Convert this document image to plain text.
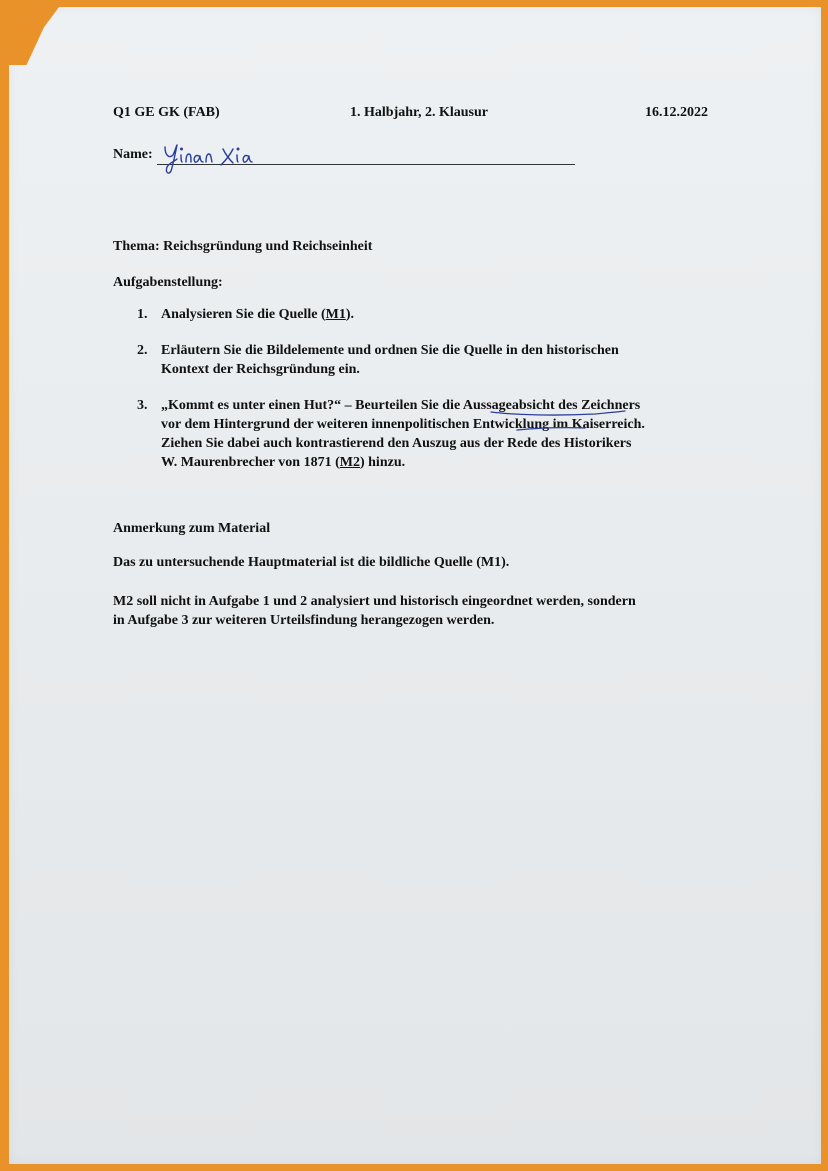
Q1 GE GK (FAB)	1. Halbjahr, 2. Klausur	16.12.2022
Name:
Thema: Reichsgründung und Reichseinheit
Aufgabenstellung:
1. Analysieren Sie die Quelle (M1).
2. Erläutern Sie die Bildelemente und ordnen Sie die Quelle in den historischen
Kontext der Reichsgründung ein.
3. „Kommt es unter einen Hut?“ – Beurteilen Sie die Aussageabsicht des Zeichners
vor dem Hintergrund der weiteren innenpolitischen Entwicklung im Kaiserreich.
Ziehen Sie dabei auch kontrastierend den Auszug aus der Rede des Historikers
W. Maurenbrecher von 1871 (M2) hinzu.
Anmerkung zum Material
Das zu untersuchende Hauptmaterial ist die bildliche Quelle (M1).
M2 soll nicht in Aufgabe 1 und 2 analysiert und historisch eingeordnet werden, sondern
in Aufgabe 3 zur weiteren Urteilsfindung herangezogen werden.
